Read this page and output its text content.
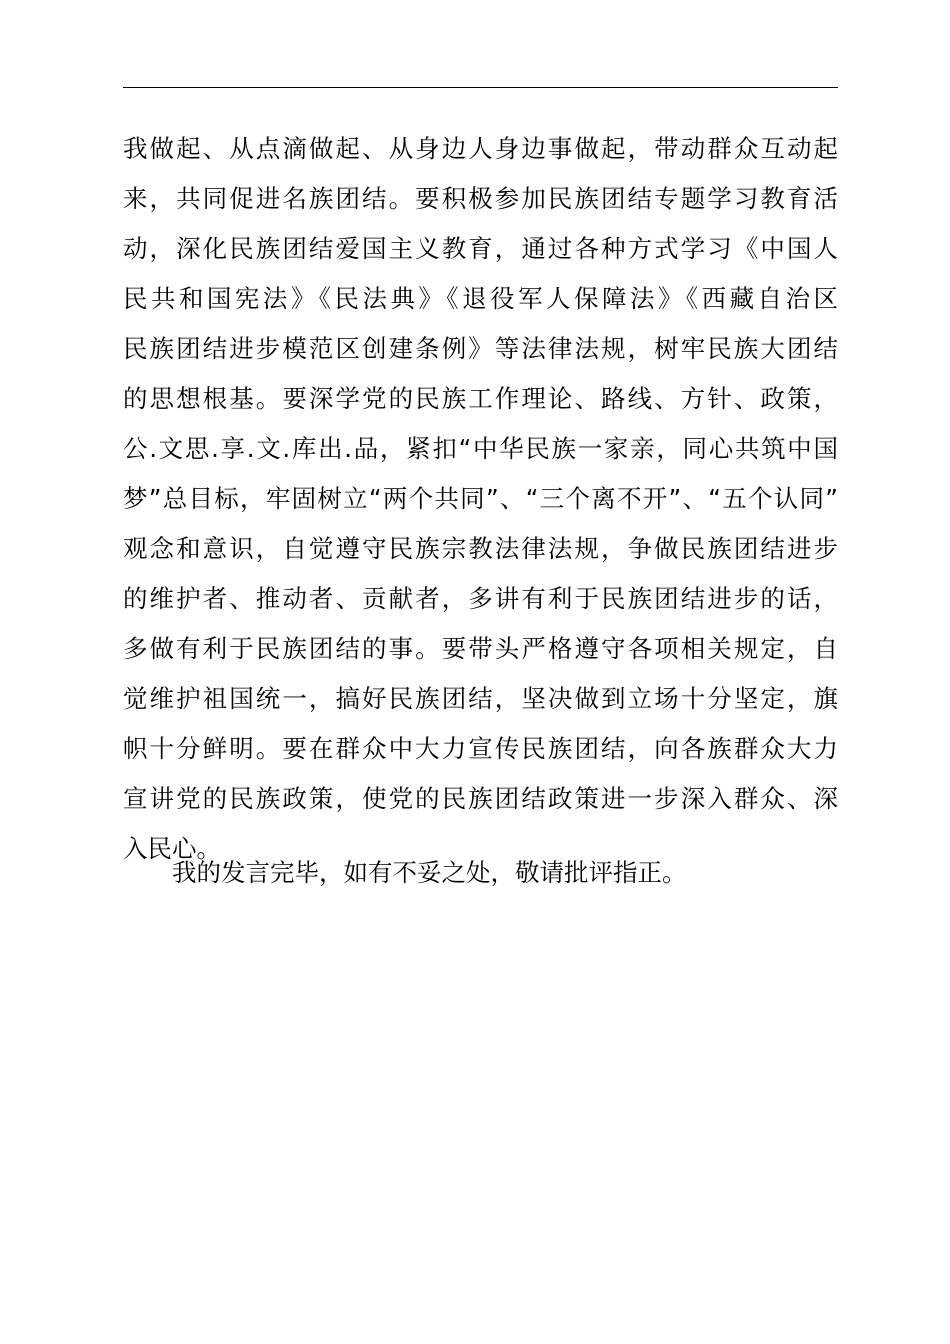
我做起、从点滴做起、从身边人身边事做起，带动群众互动起
来，共同促进名族团结。要积极参加民族团结专题学习教育活
动，深化民族团结爱国主义教育，通过各种方式学习《中国人
民共和国宪法》《民法典》《退役军人保障法》《西藏自治区
民族团结进步模范区创建条例》等法律法规，树牢民族大团结
的思想根基。要深学党的民族工作理论、路线、方针、政策，
公.文思.享.文.库出.品，紧扣“中华民族一家亲，同心共筑中国
梦”总目标，牢固树立“两个共同”、“三个离不开”、“五个认同”
观念和意识，自觉遵守民族宗教法律法规，争做民族团结进步
的维护者、推动者、贡献者，多讲有利于民族团结进步的话，
多做有利于民族团结的事。要带头严格遵守各项相关规定，自
觉维护祖国统一，搞好民族团结，坚决做到立场十分坚定，旗
帜十分鲜明。要在群众中大力宣传民族团结，向各族群众大力
宣讲党的民族政策，使党的民族团结政策进一步深入群众、深
入民心。
我的发言完毕，如有不妥之处，敬请批评指正。
